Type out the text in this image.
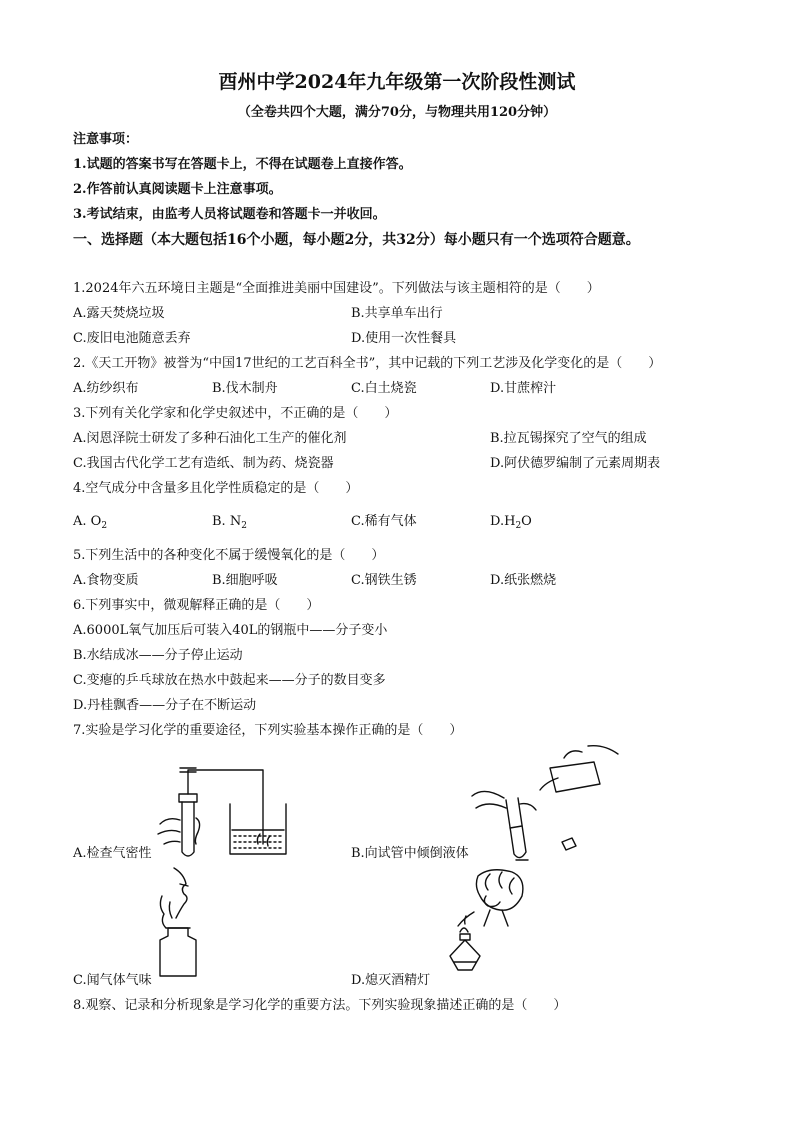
酉州中学2024年九年级第一次阶段性测试
（全卷共四个大题，满分70分，与物理共用120分钟）
注意事项：
1.试题的答案书写在答题卡上，不得在试题卷上直接作答。
2.作答前认真阅读题卡上注意事项。
3.考试结束，由监考人员将试题卷和答题卡一并收回。
一、选择题（本大题包括16个小题，每小题2分，共32分）每小题只有一个选项符合题意。
1.2024年六五环境日主题是“全面推进美丽中国建设”。下列做法与该主题相符的是（　　）
A.露天焚烧垃圾	B.共享单车出行
C.废旧电池随意丢弃	D.使用一次性餐具
2.《天工开物》被誉为“中国17世纪的工艺百科全书”，其中记载的下列工艺涉及化学变化的是（　　）
A.纺纱织布	B.伐木制舟	C.白土烧瓷	D.甘蔗榨汁
3.下列有关化学家和化学史叙述中，不正确的是（　　）
A.闵恩泽院士研发了多种石油化工生产的催化剂	B.拉瓦锡探究了空气的组成
C.我国古代化学工艺有造纸、制为药、烧瓷器	D.阿伏德罗编制了元素周期表
4.空气成分中含量多且化学性质稳定的是（　　）
A. $O_2$	B. $N_2$	C.稀有气体	$D.H_2O$
5.下列生活中的各种变化不属于缓慢氧化的是（　　）
A.食物变质	B.细胞呼吸	C.钢铁生锈	D.纸张燃烧
6.下列事实中，微观解释正确的是（　　）
A.6000L氧气加压后可装入40L的钢瓶中——分子变小
B.水结成冰——分子停止运动
C.变瘪的乒乓球放在热水中鼓起来——分子的数目变多
D.丹桂飘香——分子在不断运动
7.实验是学习化学的重要途径，下列实验基本操作正确的是（　　）
A.检查气密性	B.向试管中倾倒液体
C.闻气体气味	D.熄灭酒精灯
8.观察、记录和分析现象是学习化学的重要方法。下列实验现象描述正确的是（　　）
